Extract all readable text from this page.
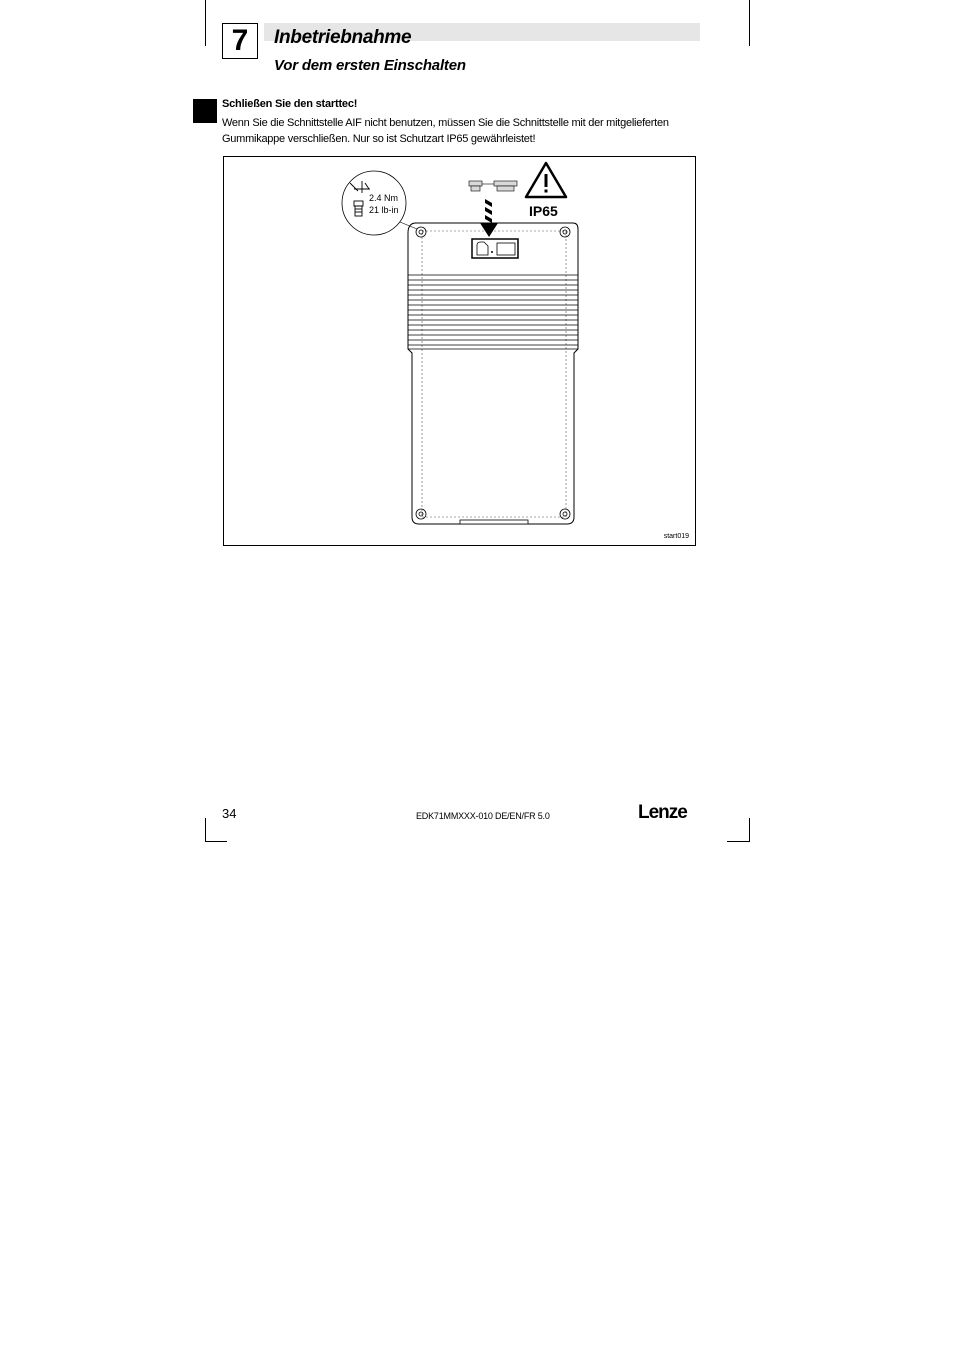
7	Inbetriebnahme
Vor dem ersten Einschalten
Schließen Sie den starttec!
Wenn Sie die Schnittstelle AIF nicht benutzen, müssen Sie die Schnittstelle mit der mitgelieferten Gummikappe verschließen. Nur so ist Schutzart IP65 gewährleistet!
2.4 Nm
21 lb-in	IP65
start019
34	EDK71MMXXX-010 DE/EN/FR 5.0	Lenze
